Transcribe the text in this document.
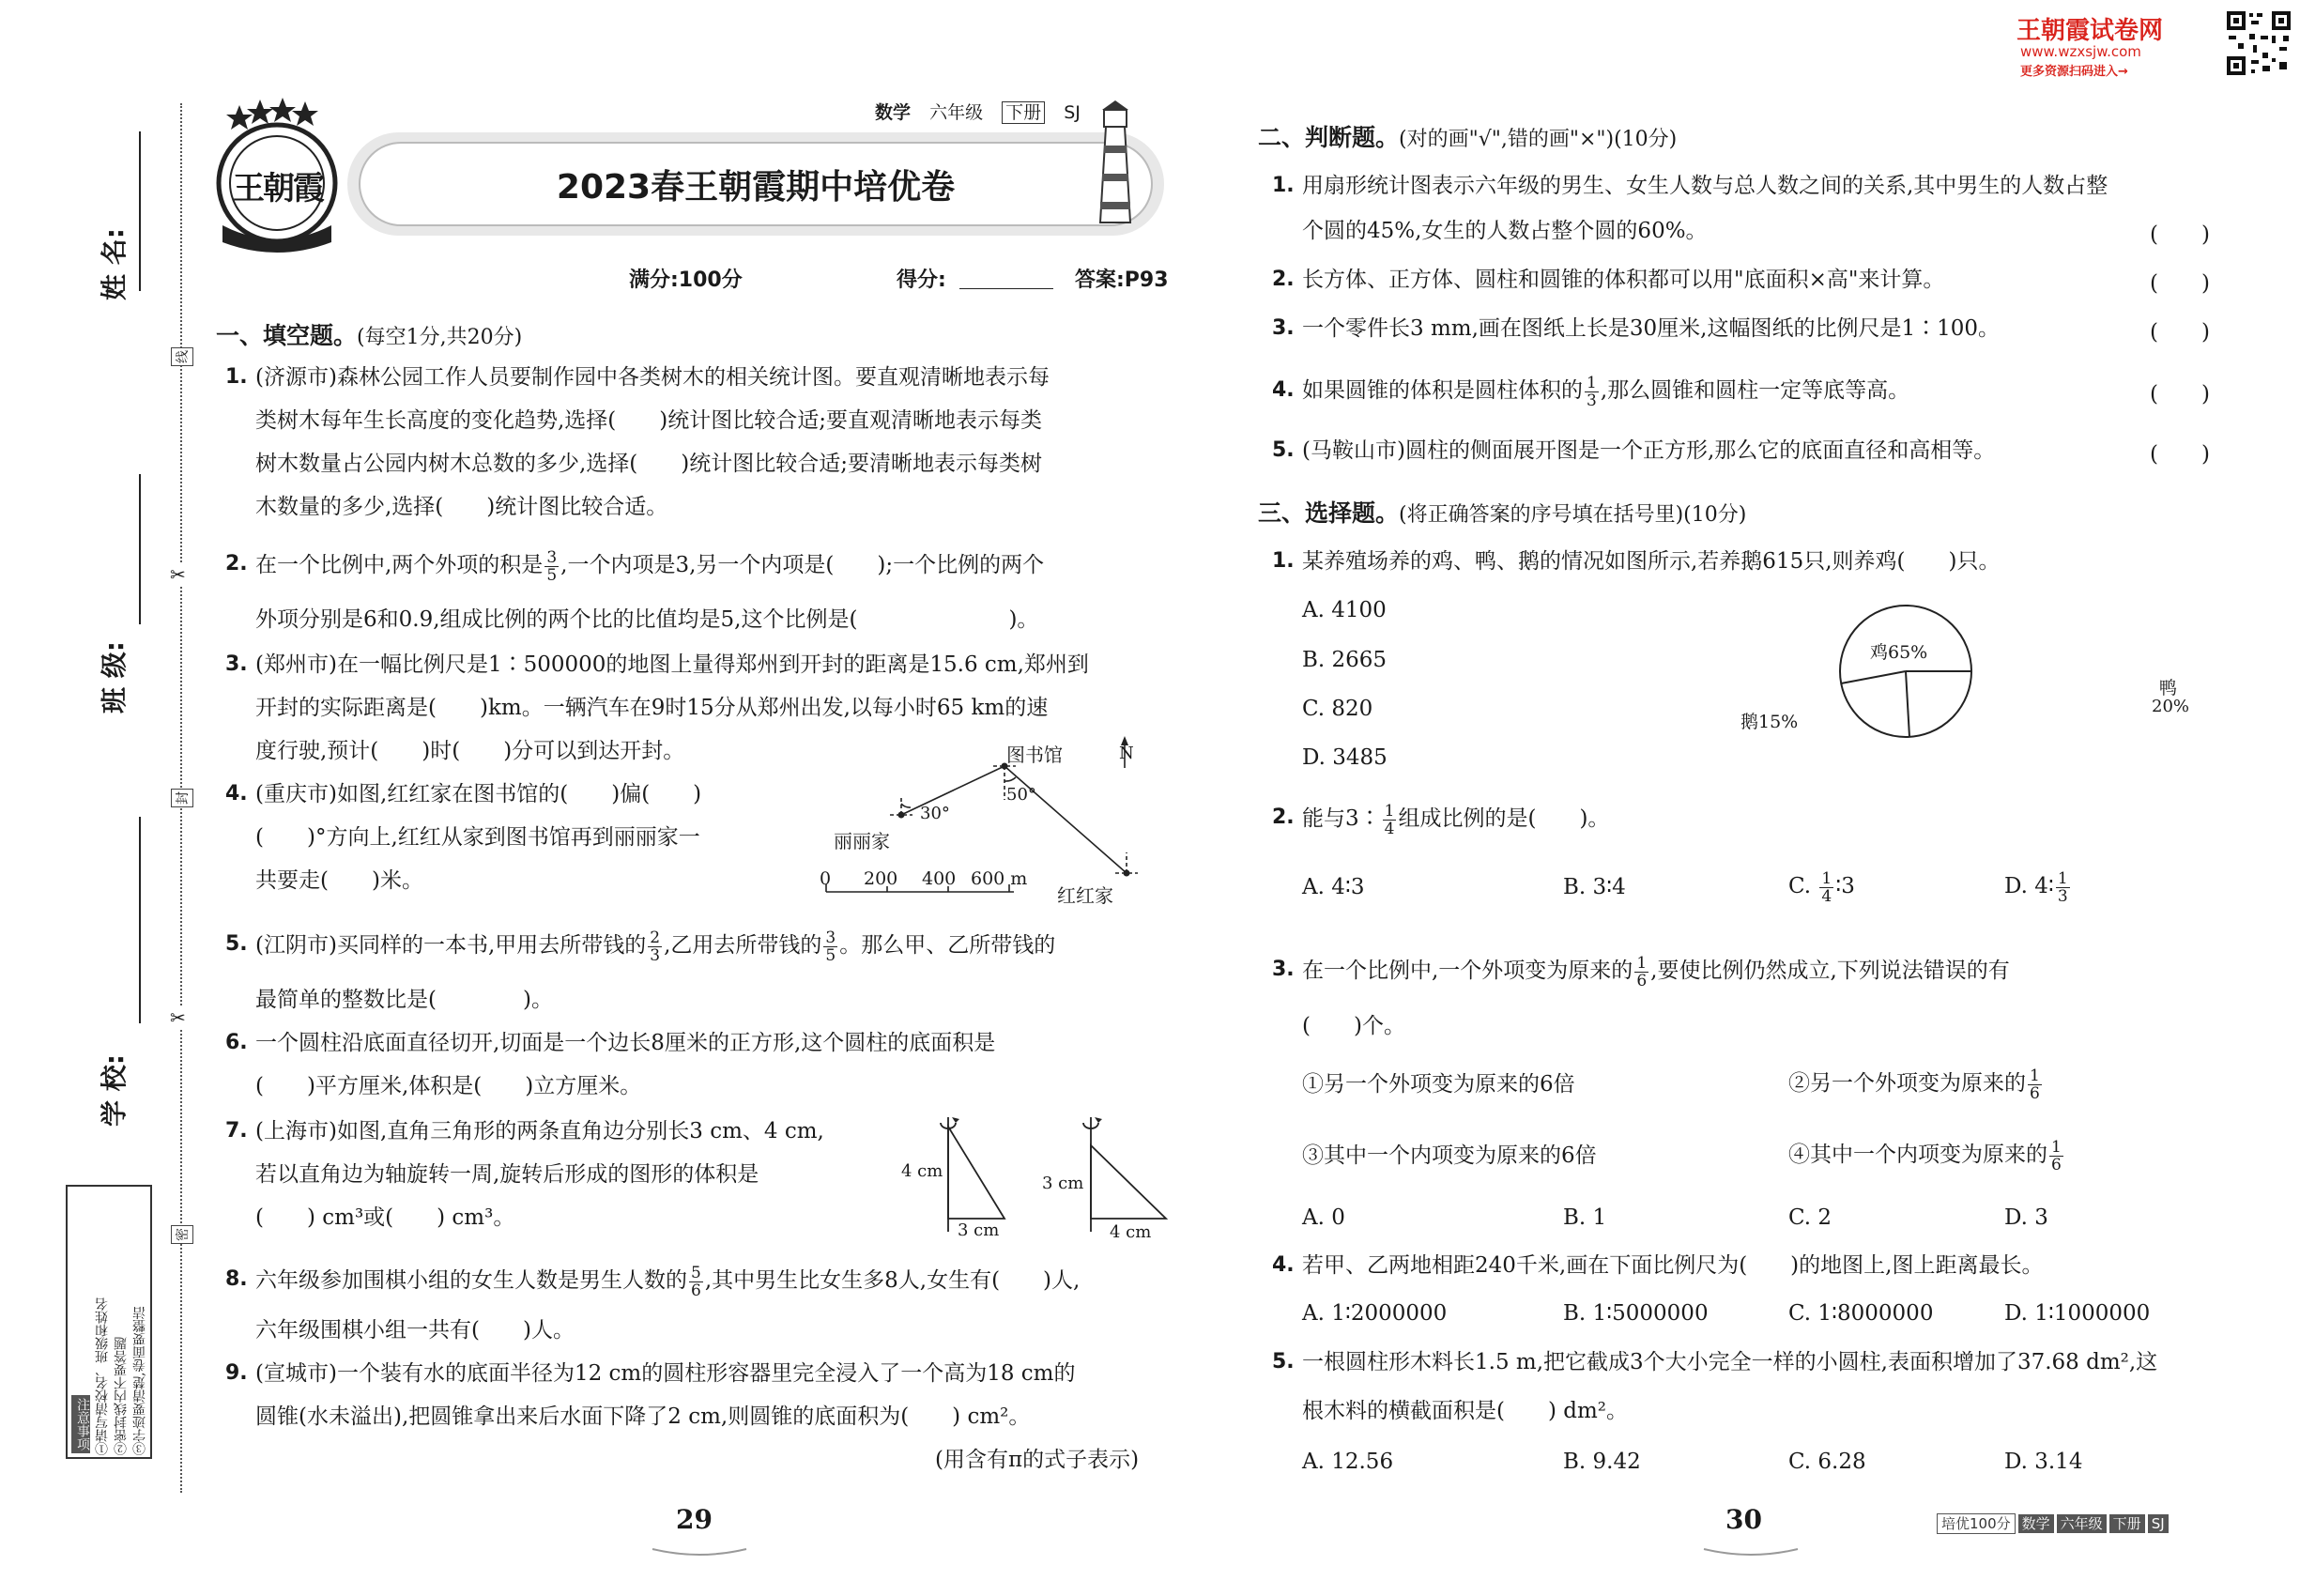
王朝霞试卷网
www.wzxsjw.com
更多资源扫码进入→
姓 名:
班 级:
学 校:
线
封
密
✂
✂
注意事项 ①请写清校名、班级和姓名 ②密封线内不要答题 ③字迹要清楚,卷面要整洁
王朝霞
数学 六年级 下册 SJ
2023春王朝霞期中培优卷
满分:100分	得分:	答案:P93
一、填空题。(每空1分,共20分)
1. (济源市)森林公园工作人员要制作园中各类树木的相关统计图。要直观清晰地表示每
类树木每年生长高度的变化趋势,选择(　　)统计图比较合适;要直观清晰地表示每类
树木数量占公园内树木总数的多少,选择(　　)统计图比较合适;要清晰地表示每类树
木数量的多少,选择(　　)统计图比较合适。
2. 在一个比例中,两个外项的积是 $\frac{3}{5}$ ,一个内项是3,另一个内项是(　　);一个比例的两个
外项分别是6和0.9,组成比例的两个比的比值均是5,这个比例是(　　　　　　　)。
3. (郑州市)在一幅比例尺是1∶500000的地图上量得郑州到开封的距离是15.6 cm,郑州到
开封的实际距离是(　　)km。一辆汽车在9时15分从郑州出发,以每小时65 km的速
度行驶,预计(　　)时(　　)分可以到达开封。
4. (重庆市)如图,红红家在图书馆的(　　)偏(　　)
(　　)°方向上,红红从家到图书馆再到丽丽家一
共要走(　　)米。
图书馆
丽丽家
红红家
N
30°
50°
0 200 400 600 m
5. (江阴市)买同样的一本书,甲用去所带钱的 $\frac{2}{3}$ ,乙用去所带钱的 $\frac{3}{5}$ 。那么甲、乙所带钱的
最简单的整数比是(　　　　)。
6. 一个圆柱沿底面直径切开,切面是一个边长8厘米的正方形,这个圆柱的底面积是
(　　)平方厘米,体积是(　　)立方厘米。
7. (上海市)如图,直角三角形的两条直角边分别长3 cm、4 cm,
若以直角边为轴旋转一周,旋转后形成的图形的体积是
(　　) cm³或(　　) cm³。
4 cm
3 cm
3 cm
4 cm
8. 六年级参加围棋小组的女生人数是男生人数的 $\frac{5}{6}$ ,其中男生比女生多8人,女生有(　　)人,
六年级围棋小组一共有(　　)人。
9. (宣城市)一个装有水的底面半径为12 cm的圆柱形容器里完全浸入了一个高为18 cm的
圆锥(水未溢出),把圆锥拿出来后水面下降了2 cm,则圆锥的底面积为(　　) cm²。
(用含有π的式子表示)
29
二、判断题。(对的画"√",错的画"×")(10分)
1. 用扇形统计图表示六年级的男生、女生人数与总人数之间的关系,其中男生的人数占整
个圆的45%,女生的人数占整个圆的60%。	(　　)
2. 长方体、正方体、圆柱和圆锥的体积都可以用"底面积×高"来计算。	(　　)
3. 一个零件长3 mm,画在图纸上长是30厘米,这幅图纸的比例尺是1∶100。	(　　)
4. 如果圆锥的体积是圆柱体积的 $\frac{1}{3}$ ,那么圆锥和圆柱一定等底等高。	(　　)
5. (马鞍山市)圆柱的侧面展开图是一个正方形,那么它的底面直径和高相等。	(　　)
三、选择题。(将正确答案的序号填在括号里)(10分)
1. 某养殖场养的鸡、鸭、鹅的情况如图所示,若养鹅615只,则养鸡(　　)只。
A. 4100
B. 2665
C. 820
D. 3485
鸡65%
鸭
20%
鹅15%
2. 能与3∶ $\frac{1}{4}$ 组成比例的是(　　)。
A. 4∶3	B. 3∶4	C. $\frac{1}{4}$ ∶3	D. 4∶ $\frac{1}{3}$
3. 在一个比例中,一个外项变为原来的 $\frac{1}{6}$ ,要使比例仍然成立,下列说法错误的有
(　　)个。
①另一个外项变为原来的6倍	②另一个外项变为原来的 $\frac{1}{6}$
③其中一个内项变为原来的6倍	④其中一个内项变为原来的 $\frac{1}{6}$
A. 0	B. 1	C. 2	D. 3
4. 若甲、乙两地相距240千米,画在下面比例尺为(　　)的地图上,图上距离最长。
A. 1∶2000000	B. 1∶5000000	C. 1∶8000000	D. 1∶1000000
5. 一根圆柱形木料长1.5 m,把它截成3个大小完全一样的小圆柱,表面积增加了37.68 dm²,这
根木料的横截面积是(　　) dm²。
A. 12.56	B. 9.42	C. 6.28	D. 3.14
30	培优100分 数学 六年级 下册 SJ
